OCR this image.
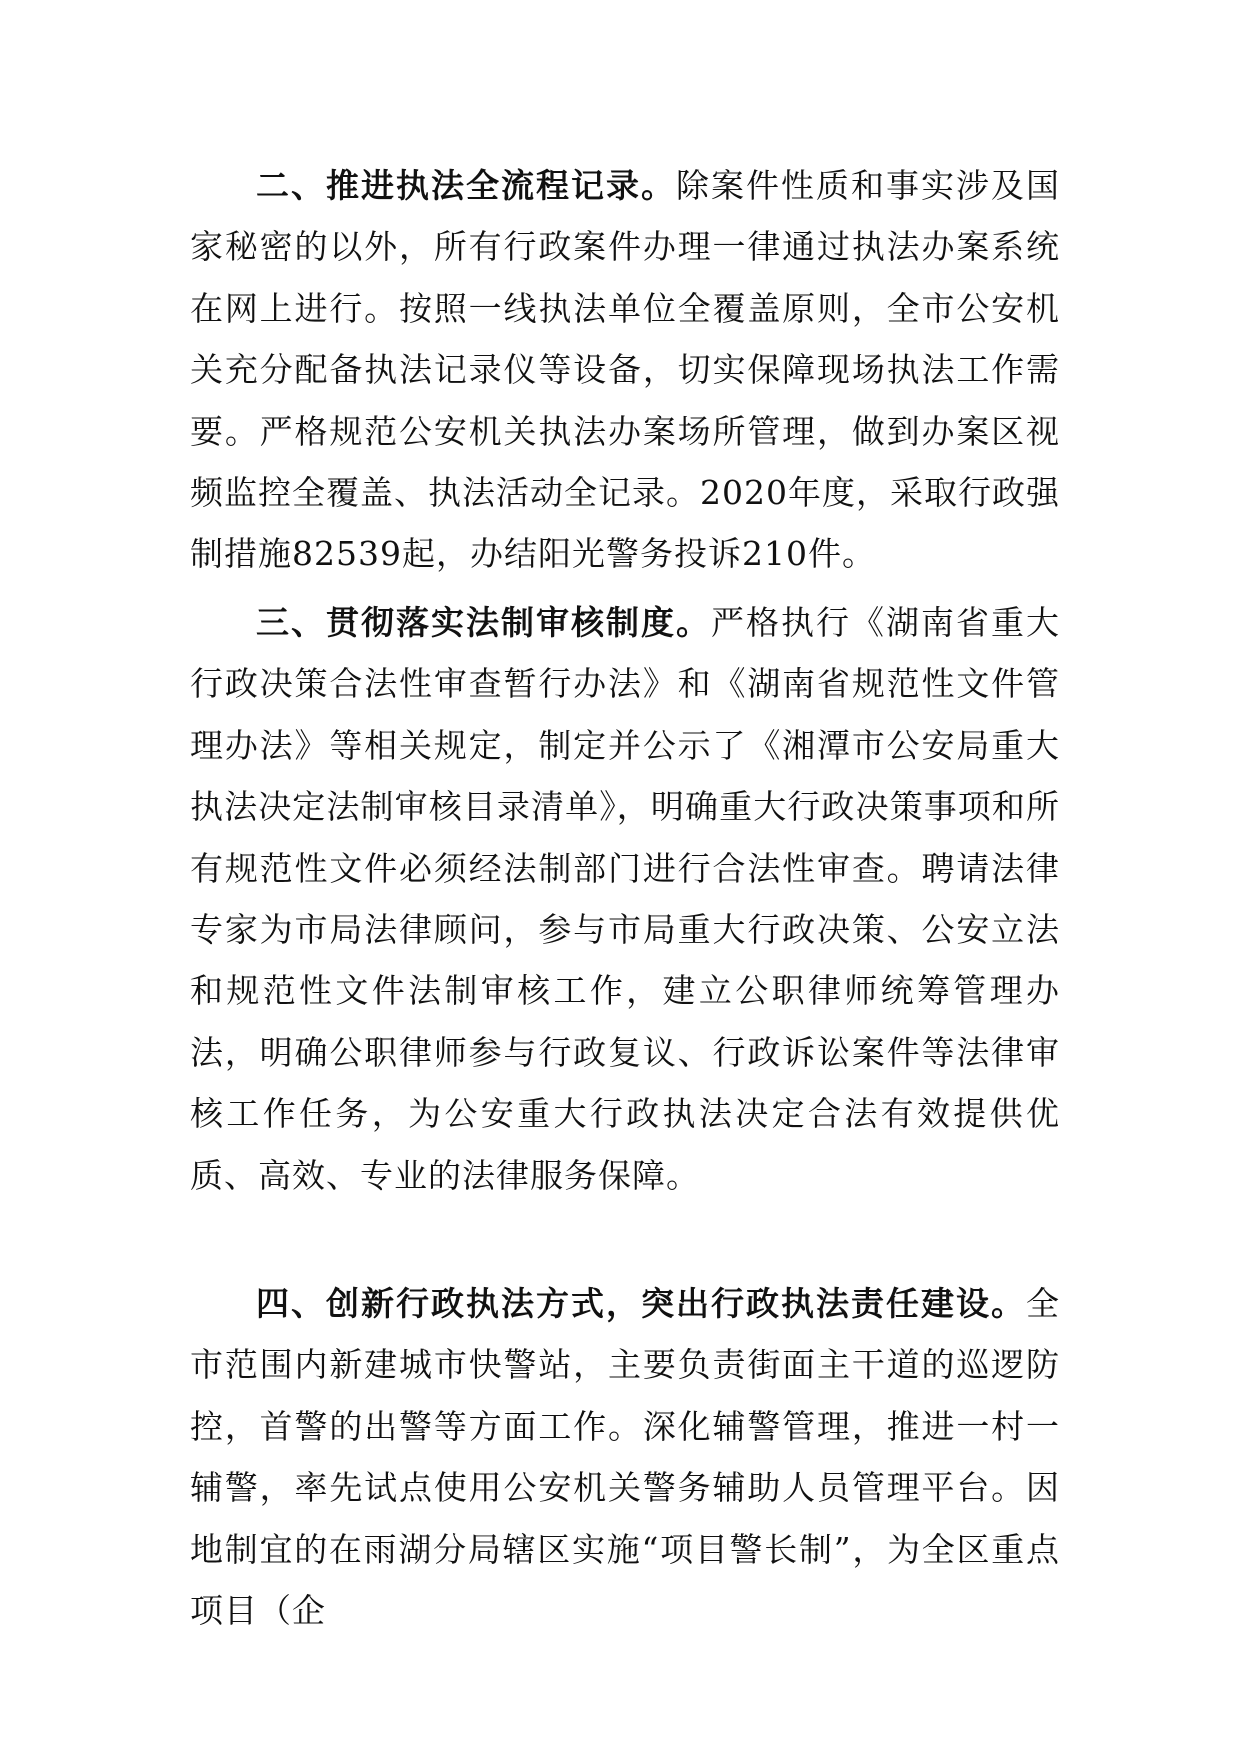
二、推进执法全流程记录。除案件性质和事实涉及国家秘密的以外，所有行政案件办理一律通过执法办案系统在网上进行。按照一线执法单位全覆盖原则，全市公安机关充分配备执法记录仪等设备，切实保障现场执法工作需要。严格规范公安机关执法办案场所管理，做到办案区视频监控全覆盖、执法活动全记录。2020年度，采取行政强制措施82539起，办结阳光警务投诉210件。

三、贯彻落实法制审核制度。严格执行《湖南省重大行政决策合法性审查暂行办法》和《湖南省规范性文件管理办法》等相关规定，制定并公示了《湘潭市公安局重大执法决定法制审核目录清单》，明确重大行政决策事项和所有规范性文件必须经法制部门进行合法性审查。聘请法律专家为市局法律顾问，参与市局重大行政决策、公安立法和规范性文件法制审核工作，建立公职律师统筹管理办法，明确公职律师参与行政复议、行政诉讼案件等法律审核工作任务，为公安重大行政执法决定合法有效提供优质、高效、专业的法律服务保障。

四、创新行政执法方式，突出行政执法责任建设。全市范围内新建城市快警站，主要负责街面主干道的巡逻防控，首警的出警等方面工作。深化辅警管理，推进一村一辅警，率先试点使用公安机关警务辅助人员管理平台。因地制宜的在雨湖分局辖区实施“项目警长制”，为全区重点项目（企
